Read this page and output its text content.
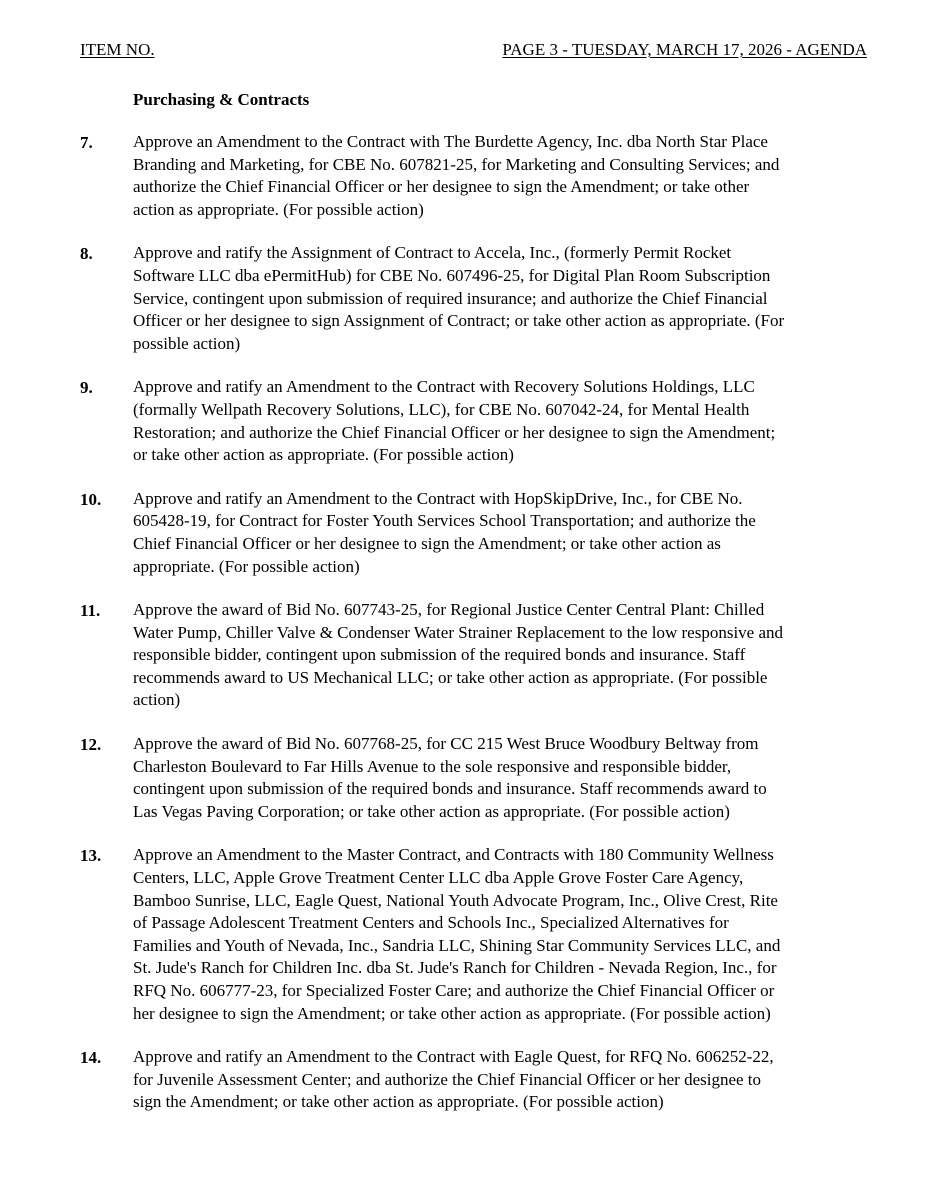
ITEM NO.	PAGE 3 - TUESDAY, MARCH 17, 2026 - AGENDA
Purchasing & Contracts
7. Approve an Amendment to the Contract with The Burdette Agency, Inc. dba North Star Place
Branding and Marketing, for CBE No. 607821-25, for Marketing and Consulting Services; and
authorize the Chief Financial Officer or her designee to sign the Amendment; or take other
action as appropriate. (For possible action)
8. Approve and ratify the Assignment of Contract to Accela, Inc., (formerly Permit Rocket
Software LLC dba ePermitHub) for CBE No. 607496-25, for Digital Plan Room Subscription
Service, contingent upon submission of required insurance; and authorize the Chief Financial
Officer or her designee to sign Assignment of Contract; or take other action as appropriate. (For
possible action)
9. Approve and ratify an Amendment to the Contract with Recovery Solutions Holdings, LLC
(formally Wellpath Recovery Solutions, LLC), for CBE No. 607042-24, for Mental Health
Restoration; and authorize the Chief Financial Officer or her designee to sign the Amendment;
or take other action as appropriate. (For possible action)
10. Approve and ratify an Amendment to the Contract with HopSkipDrive, Inc., for CBE No.
605428-19, for Contract for Foster Youth Services School Transportation; and authorize the
Chief Financial Officer or her designee to sign the Amendment; or take other action as
appropriate. (For possible action)
11. Approve the award of Bid No. 607743-25, for Regional Justice Center Central Plant: Chilled
Water Pump, Chiller Valve & Condenser Water Strainer Replacement to the low responsive and
responsible bidder, contingent upon submission of the required bonds and insurance. Staff
recommends award to US Mechanical LLC; or take other action as appropriate. (For possible
action)
12. Approve the award of Bid No. 607768-25, for CC 215 West Bruce Woodbury Beltway from
Charleston Boulevard to Far Hills Avenue to the sole responsive and responsible bidder,
contingent upon submission of the required bonds and insurance. Staff recommends award to
Las Vegas Paving Corporation; or take other action as appropriate. (For possible action)
13. Approve an Amendment to the Master Contract, and Contracts with 180 Community Wellness
Centers, LLC, Apple Grove Treatment Center LLC dba Apple Grove Foster Care Agency,
Bamboo Sunrise, LLC, Eagle Quest, National Youth Advocate Program, Inc., Olive Crest, Rite
of Passage Adolescent Treatment Centers and Schools Inc., Specialized Alternatives for
Families and Youth of Nevada, Inc., Sandria LLC, Shining Star Community Services LLC, and
St. Jude's Ranch for Children Inc. dba St. Jude's Ranch for Children - Nevada Region, Inc., for
RFQ No. 606777-23, for Specialized Foster Care; and authorize the Chief Financial Officer or
her designee to sign the Amendment; or take other action as appropriate. (For possible action)
14. Approve and ratify an Amendment to the Contract with Eagle Quest, for RFQ No. 606252-22,
for Juvenile Assessment Center; and authorize the Chief Financial Officer or her designee to
sign the Amendment; or take other action as appropriate. (For possible action)
